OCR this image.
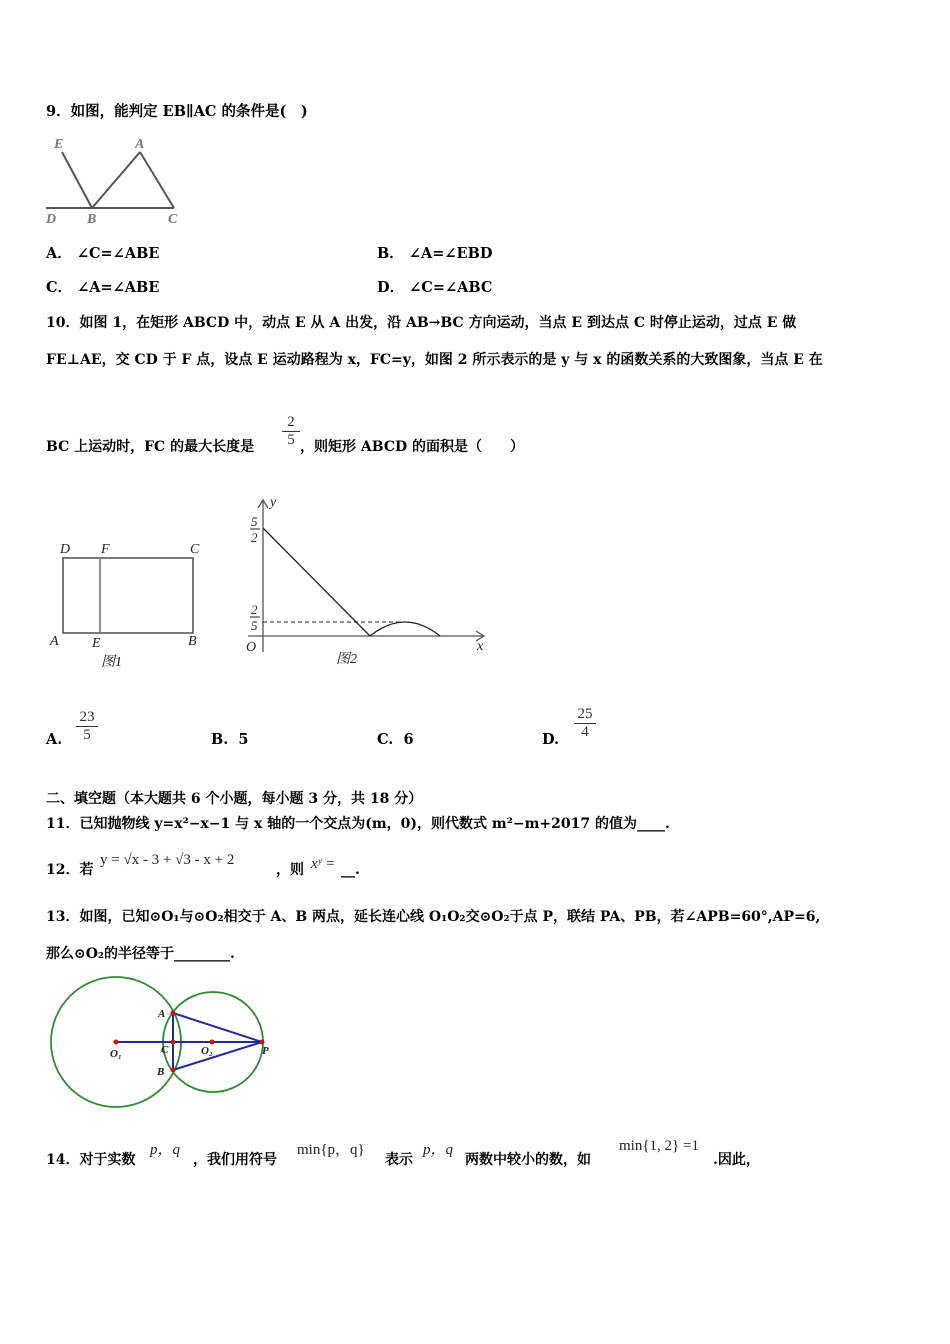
9．如图，能判定 EB∥AC 的条件是(　)
E	A
D B	C
A． ∠C=∠ABE	B． ∠A=∠EBD
C． ∠A=∠ABE	D． ∠C=∠ABC
10．如图 1，在矩形 ABCD 中，动点 E 从 A 出发，沿 AB→BC 方向运动，当点 E 到达点 C 时停止运动，过点 E 做
FE⊥AE，交 CD 于 F 点，设点 E 运动路程为 x，FC=y，如图 2 所示表示的是 y 与 x 的函数关系的大致图象，当点 E 在
BC 上运动时，FC 的最大长度是 $\frac{2}{5}$ ，则矩形 ABCD 的面积是（　　）
D F	C
A E	B
图1
y
x
O
图2
5
2
2
5
A. $\frac{23}{5}$	B. 5	C. 6	D. $\frac{25}{4}$
二、填空题（本大题共 6 个小题，每小题 3 分，共 18 分）
11．已知抛物线 y=x²−x−1 与 x 轴的一个交点为(m，0)，则代数式 m²−m+2017 的值为____.
12．若
y = √x - 3 + √3 - x + 2
，则 xʸ = __.
13．如图，已知⊙O₁与⊙O₂相交于 A、B 两点，延长连心线 O₁O₂交⊙O₂于点 P，联结 PA、PB，若∠APB=60°,AP=6,
那么⊙O₂的半径等于________.
A
B
C
O₁	O₂	P
14．对于实数
p，q
，我们用符号
min{p，q}
表示
p，q
两数中较小的数，如
min{1, 2} =1
.因此，
